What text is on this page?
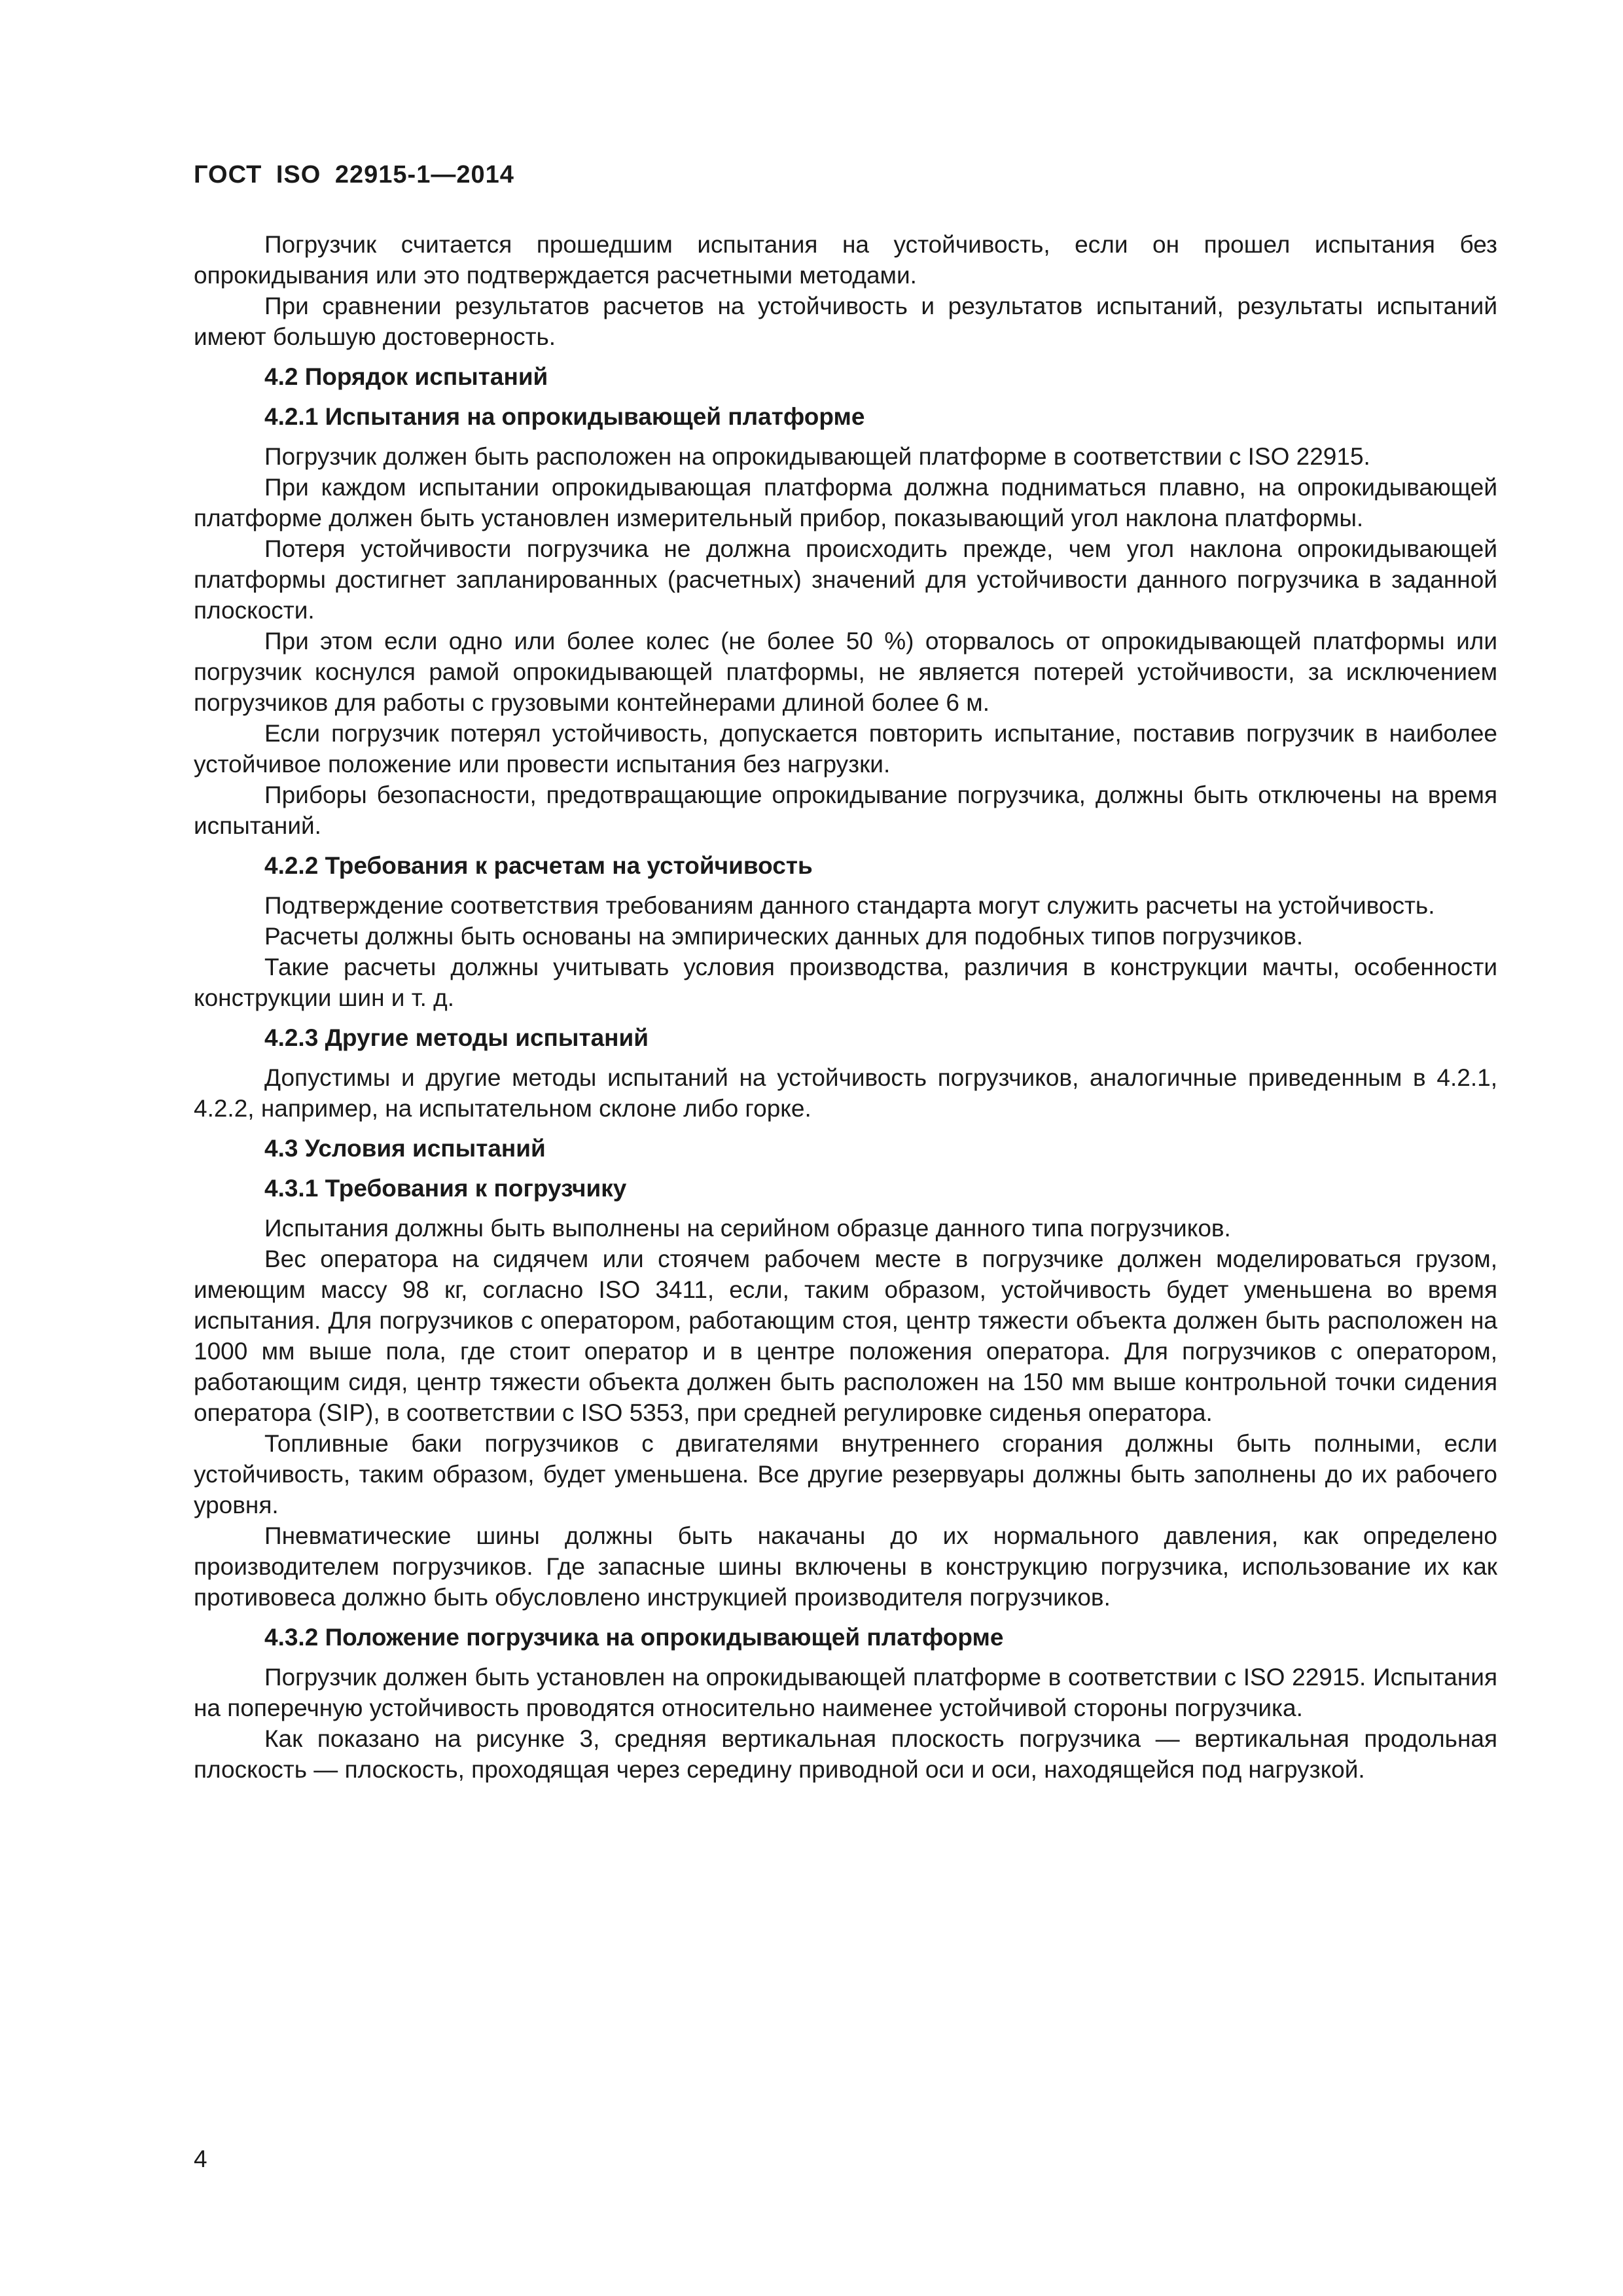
ГОСТ ISO 22915-1—2014

Погрузчик считается прошедшим испытания на устойчивость, если он прошел испытания без опрокидывания или это подтверждается расчетными методами.

При сравнении результатов расчетов на устойчивость и результатов испытаний, результаты испытаний имеют большую достоверность.

4.2 Порядок испытаний
4.2.1 Испытания на опрокидывающей платформе

Погрузчик должен быть расположен на опрокидывающей платформе в соответствии с ISO 22915.

При каждом испытании опрокидывающая платформа должна подниматься плавно, на опрокидывающей платформе должен быть установлен измерительный прибор, показывающий угол наклона платформы.

Потеря устойчивости погрузчика не должна происходить прежде, чем угол наклона опрокидывающей платформы достигнет запланированных (расчетных) значений для устойчивости данного погрузчика в заданной плоскости.

При этом если одно или более колес (не более 50 %) оторвалось от опрокидывающей платформы или погрузчик коснулся рамой опрокидывающей платформы, не является потерей устойчивости, за исключением погрузчиков для работы с грузовыми контейнерами длиной более 6 м.

Если погрузчик потерял устойчивость, допускается повторить испытание, поставив погрузчик в наиболее устойчивое положение или провести испытания без нагрузки.

Приборы безопасности, предотвращающие опрокидывание погрузчика, должны быть отключены на время испытаний.

4.2.2 Требования к расчетам на устойчивость

Подтверждение соответствия требованиям данного стандарта могут служить расчеты на устойчивость.

Расчеты должны быть основаны на эмпирических данных для подобных типов погрузчиков.

Такие расчеты должны учитывать условия производства, различия в конструкции мачты, особенности конструкции шин и т. д.

4.2.3 Другие методы испытаний

Допустимы и другие методы испытаний на устойчивость погрузчиков, аналогичные приведенным в 4.2.1, 4.2.2, например, на испытательном склоне либо горке.

4.3 Условия испытаний
4.3.1 Требования к погрузчику

Испытания должны быть выполнены на серийном образце данного типа погрузчиков.

Вес оператора на сидячем или стоячем рабочем месте в погрузчике должен моделироваться грузом, имеющим массу 98 кг, согласно ISO 3411, если, таким образом, устойчивость будет уменьшена во время испытания. Для погрузчиков с оператором, работающим стоя, центр тяжести объекта должен быть расположен на 1000 мм выше пола, где стоит оператор и в центре положения оператора. Для погрузчиков с оператором, работающим сидя, центр тяжести объекта должен быть расположен на 150 мм выше контрольной точки сидения оператора (SIP), в соответствии с ISO 5353, при средней регулировке сиденья оператора.

Топливные баки погрузчиков с двигателями внутреннего сгорания должны быть полными, если устойчивость, таким образом, будет уменьшена. Все другие резервуары должны быть заполнены до их рабочего уровня.

Пневматические шины должны быть накачаны до их нормального давления, как определено производителем погрузчиков. Где запасные шины включены в конструкцию погрузчика, использование их как противовеса должно быть обусловлено инструкцией производителя погрузчиков.

4.3.2 Положение погрузчика на опрокидывающей платформе

Погрузчик должен быть установлен на опрокидывающей платформе в соответствии с ISO 22915. Испытания на поперечную устойчивость проводятся относительно наименее устойчивой стороны погрузчика.

Как показано на рисунке 3, средняя вертикальная плоскость погрузчика — вертикальная продольная плоскость — плоскость, проходящая через середину приводной оси и оси, находящейся под нагрузкой.

4
